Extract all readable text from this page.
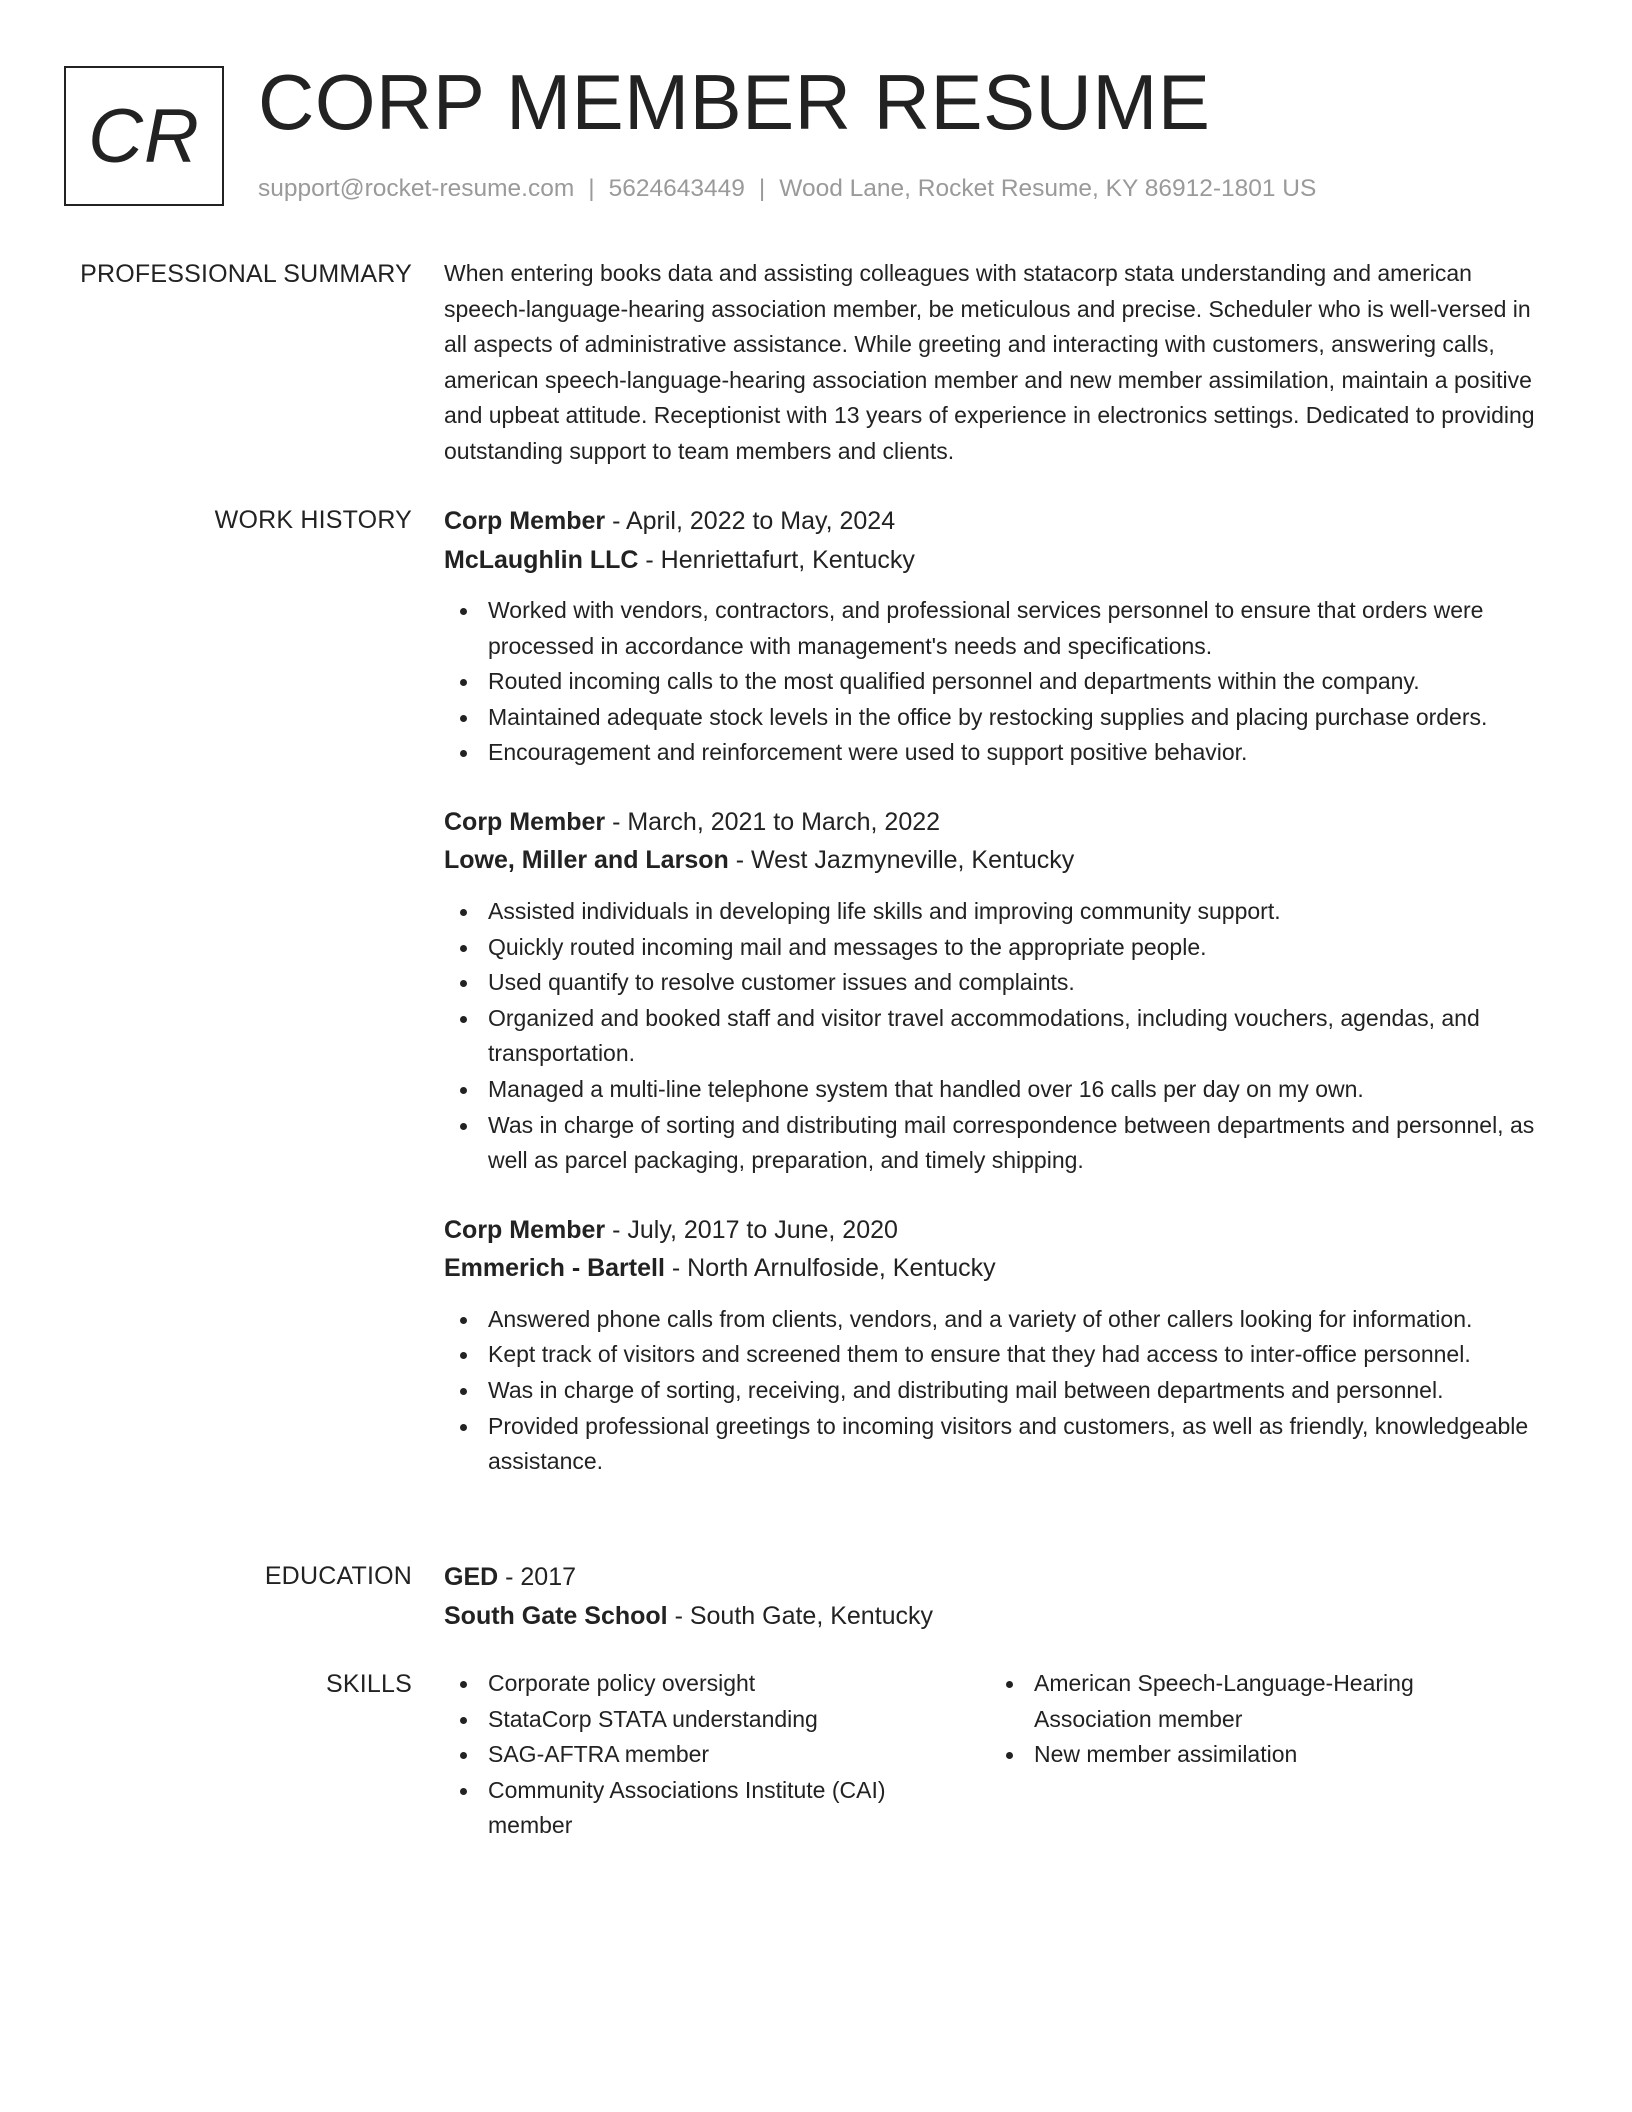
CR CORP MEMBER RESUME
support@rocket-resume.com | 5624643449 | Wood Lane, Rocket Resume, KY 86912-1801 US
PROFESSIONAL SUMMARY When entering books data and assisting colleagues with statacorp stata understanding and american speech-language-hearing association member, be meticulous and precise. Scheduler who is well-versed in all aspects of administrative assistance. While greeting and interacting with customers, answering calls, american speech-language-hearing association member and new member assimilation, maintain a positive and upbeat attitude. Receptionist with 13 years of experience in electronics settings. Dedicated to providing outstanding support to team members and clients.

WORK HISTORY Corp Member - April, 2022 to May, 2024
McLaughlin LLC - Henriettafurt, Kentucky
Worked with vendors, contractors, and professional services personnel to ensure that orders were processed in accordance with management's needs and specifications.
Routed incoming calls to the most qualified personnel and departments within the company.
Maintained adequate stock levels in the office by restocking supplies and placing purchase orders.
Encouragement and reinforcement were used to support positive behavior.
Corp Member - March, 2021 to March, 2022
Lowe, Miller and Larson - West Jazmyneville, Kentucky
Assisted individuals in developing life skills and improving community support.
Quickly routed incoming mail and messages to the appropriate people.
Used quantify to resolve customer issues and complaints.
Organized and booked staff and visitor travel accommodations, including vouchers, agendas, and transportation.
Managed a multi-line telephone system that handled over 16 calls per day on my own.
Was in charge of sorting and distributing mail correspondence between departments and personnel, as well as parcel packaging, preparation, and timely shipping.
Corp Member - July, 2017 to June, 2020
Emmerich - Bartell - North Arnulfoside, Kentucky
Answered phone calls from clients, vendors, and a variety of other callers looking for information.
Kept track of visitors and screened them to ensure that they had access to inter-office personnel.
Was in charge of sorting, receiving, and distributing mail between departments and personnel.
Provided professional greetings to incoming visitors and customers, as well as friendly, knowledgeable assistance.
EDUCATION GED - 2017
South Gate School - South Gate, Kentucky
SKILLS	Corporate policy oversight
StataCorp STATA understanding
SAG-AFTRA member
Community Associations Institute (CAI) member
American Speech-Language-Hearing Association member
New member assimilation
